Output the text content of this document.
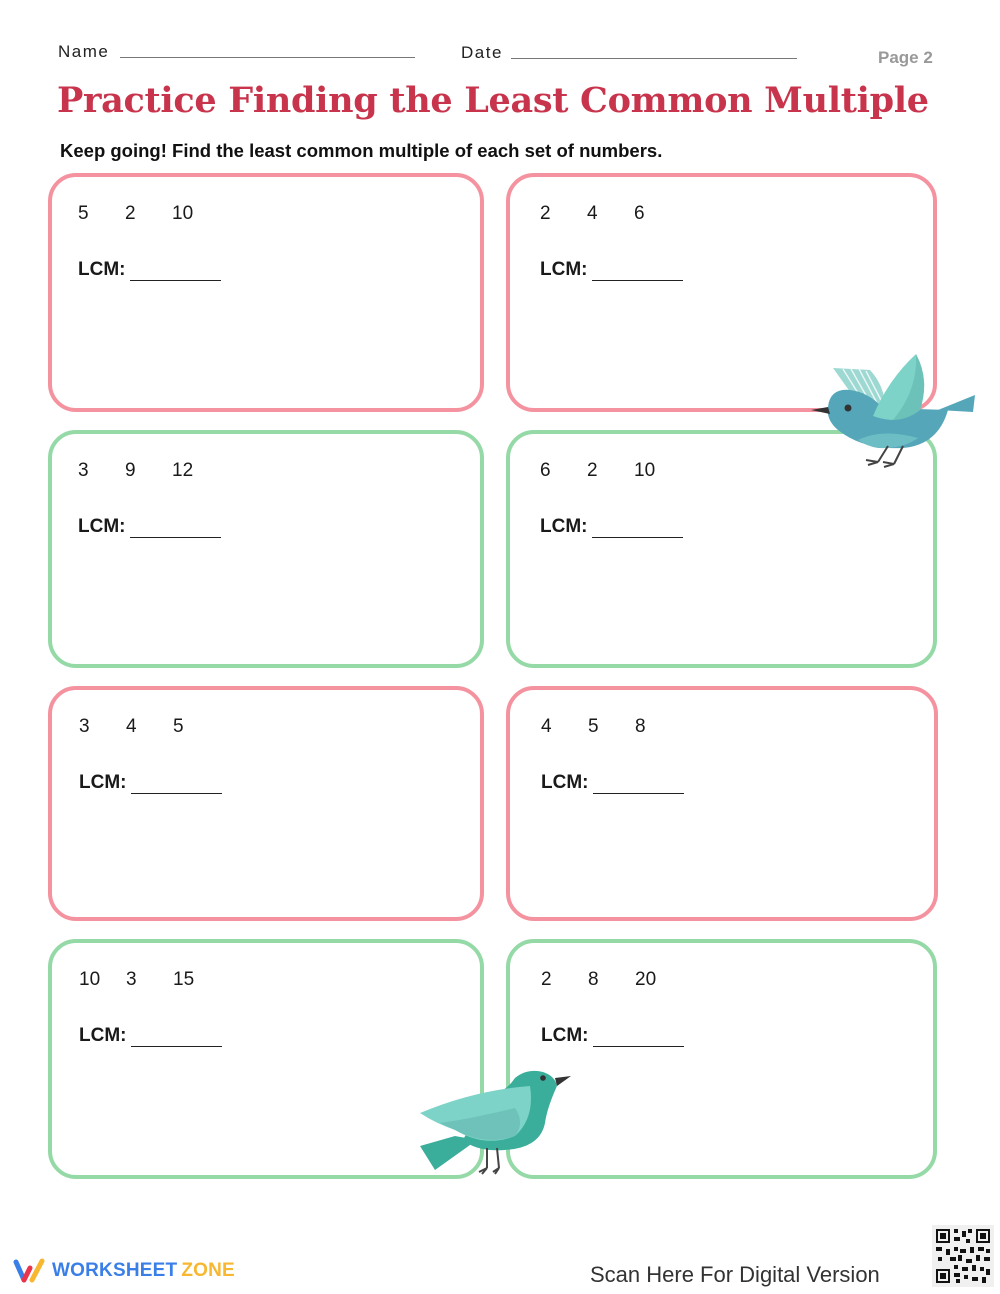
Name	Date	Page 2
Practice Finding the Least Common Multiple
Keep going! Find the least common multiple of each set of numbers.
5	2	10
LCM:
2	4	6
LCM:
3	9	12
LCM:
6	2	10
LCM:
3	4	5
LCM:
4	5	8
LCM:
10	3	15
LCM:
2	8	20
LCM:
WORKSHEET ZONE	Scan Here For Digital Version
